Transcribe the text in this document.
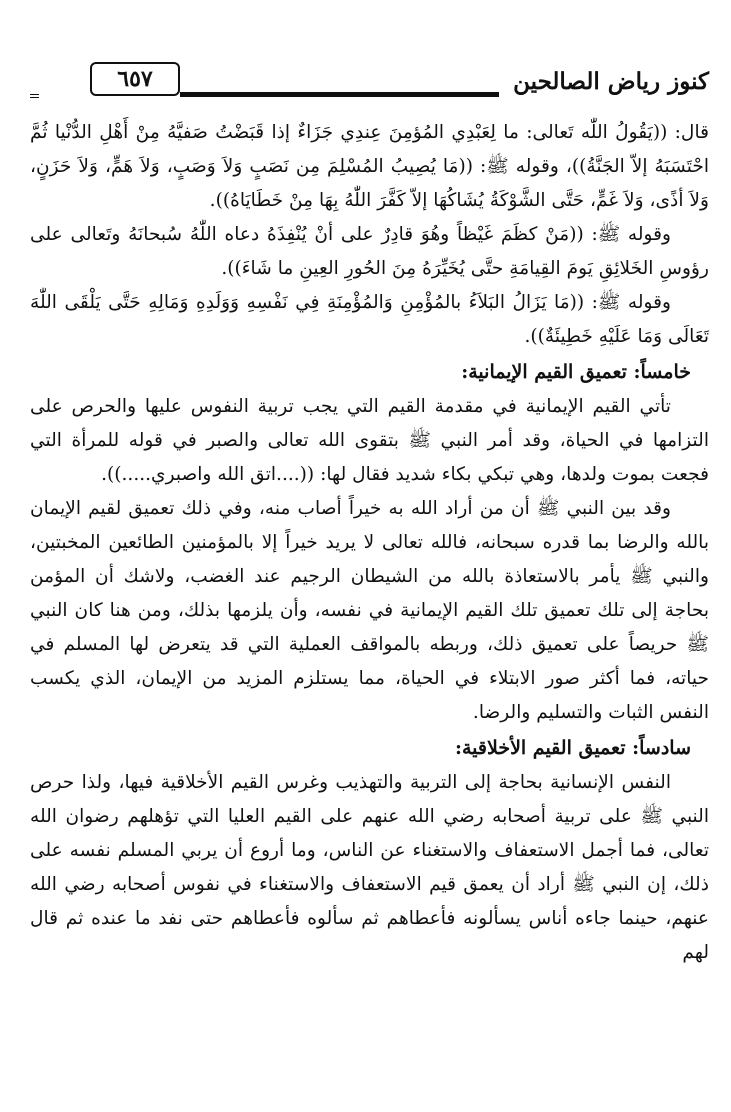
٦٥٧	كنوز رياض الصالحين

قال: ((يَقُولُ اللّٰه تَعالى: ما لِعَبْدِي المُؤمِنَ عِندِي جَزَاءٌ إذا قَبَضْتُ صَفيَّهُ مِنْ أَهْلِ الدُّنْيا ثُمَّ احْتَسَبَهُ إلاّ الجَنَّةُ))، وقوله ﷺ: ((مَا يُصِيبُ المُسْلِمَ مِن نَصَبٍ وَلاَ وَصَبٍ، وَلاَ هَمٍّ، وَلاَ حَزَنٍ، وَلاَ أذًى، وَلاَ غَمٍّ، حَتَّى الشَّوْكَةُ يُشَاكُهَا إلاّ كَفَّرَ اللّٰهُ بِهَا مِنْ خَطَايَاهُ)).

وقوله ﷺ: ((مَنْ كظَمَ غَيْظاً وهُوَ قادِرٌ على أنْ يُنْفِذَهُ دعاه اللّٰهُ سُبحانَهُ وتَعالى على رؤوسِ الخَلائِقِ يَومَ القِيامَةِ حتَّى يُخَيِّرَهُ مِنَ الحُورِ العِينِ ما شَاءَ)).

وقوله ﷺ: ((مَا يَزَالُ البَلاَءُ بالمُؤْمِنِ وَالمُؤْمِنَةِ فِي نَفْسِهِ وَوَلَدِهِ وَمَالِهِ حَتَّى يَلْقَى اللّٰهَ تَعَالَى وَمَا عَلَيْهِ خَطِيئَةٌ)).

خامساً: تعميق القيم الإيمانية:

تأتي القيم الإيمانية في مقدمة القيم التي يجب تربية النفوس عليها والحرص على التزامها في الحياة، وقد أمر النبي ﷺ بتقوى الله تعالى والصبر في قوله للمرأة التي فجعت بموت ولدها، وهي تبكي بكاء شديد فقال لها: ((....اتق الله واصبري.....)).

وقد بين النبي ﷺ أن من أراد الله به خيراً أصاب منه، وفي ذلك تعميق لقيم الإيمان بالله والرضا بما قدره سبحانه، فالله تعالى لا يريد خيراً إلا بالمؤمنين الطائعين المخبتين، والنبي ﷺ يأمر بالاستعاذة بالله من الشيطان الرجيم عند الغضب، ولاشك أن المؤمن بحاجة إلى تلك تعميق تلك القيم الإيمانية في نفسه، وأن يلزمها بذلك، ومن هنا كان النبي ﷺ حريصاً على تعميق ذلك، وربطه بالمواقف العملية التي قد يتعرض لها المسلم في حياته، فما أكثر صور الابتلاء في الحياة، مما يستلزم المزيد من الإيمان، الذي يكسب النفس الثبات والتسليم والرضا.

سادساً: تعميق القيم الأخلاقية:

النفس الإنسانية بحاجة إلى التربية والتهذيب وغرس القيم الأخلاقية فيها، ولذا حرص النبي ﷺ على تربية أصحابه رضي الله عنهم على القيم العليا التي تؤهلهم رضوان الله تعالى، فما أجمل الاستعفاف والاستغناء عن الناس، وما أروع أن يربي المسلم نفسه على ذلك، إن النبي ﷺ أراد أن يعمق قيم الاستعفاف والاستغناء في نفوس أصحابه رضي الله عنهم، حينما جاءه أناس يسألونه فأعطاهم ثم سألوه فأعطاهم حتى نفد ما عنده ثم قال لهم
